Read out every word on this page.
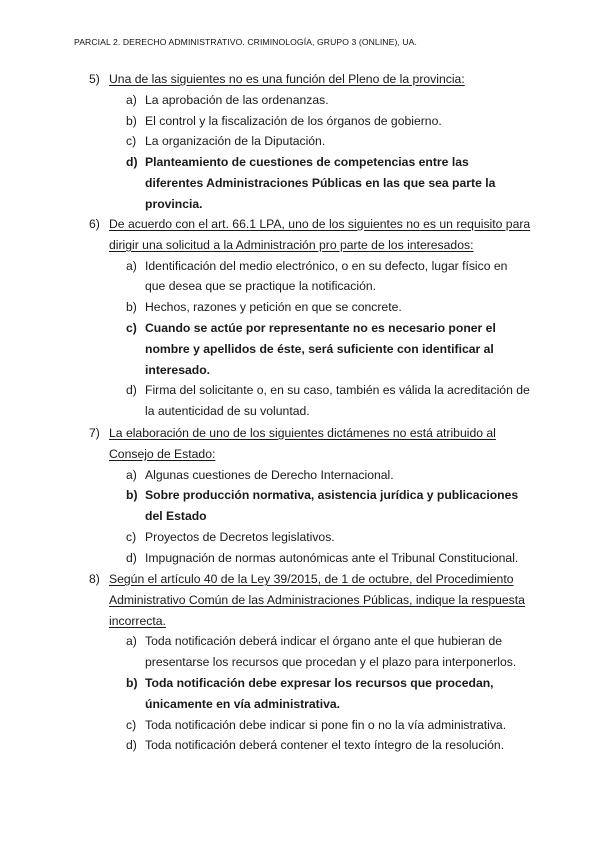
PARCIAL 2. DERECHO ADMINISTRATIVO. CRIMINOLOGÍA, GRUPO 3 (ONLINE), UA.
5) Una de las siguientes no es una función del Pleno de la provincia:
a) La aprobación de las ordenanzas.
b) El control y la fiscalización de los órganos de gobierno.
c) La organización de la Diputación.
d) Planteamiento de cuestiones de competencias entre las diferentes Administraciones Públicas en las que sea parte la provincia.
6) De acuerdo con el art. 66.1 LPA, uno de los siguientes no es un requisito para dirigir una solicitud a la Administración pro parte de los interesados:
a) Identificación del medio electrónico, o en su defecto, lugar físico en que desea que se practique la notificación.
b) Hechos, razones y petición en que se concrete.
c) Cuando se actúe por representante no es necesario poner el nombre y apellidos de éste, será suficiente con identificar al interesado.
d) Firma del solicitante o, en su caso, también es válida la acreditación de la autenticidad de su voluntad.
7) La elaboración de uno de los siguientes dictámenes no está atribuido al Consejo de Estado:
a) Algunas cuestiones de Derecho Internacional.
b) Sobre producción normativa, asistencia jurídica y publicaciones del Estado
c) Proyectos de Decretos legislativos.
d) Impugnación de normas autonómicas ante el Tribunal Constitucional.
8) Según el artículo 40 de la Ley 39/2015, de 1 de octubre, del Procedimiento Administrativo Común de las Administraciones Públicas, indique la respuesta incorrecta.
a) Toda notificación deberá indicar el órgano ante el que hubieran de presentarse los recursos que procedan y el plazo para interponerlos.
b) Toda notificación debe expresar los recursos que procedan, únicamente en vía administrativa.
c) Toda notificación debe indicar si pone fin o no la vía administrativa.
d) Toda notificación deberá contener el texto íntegro de la resolución.
